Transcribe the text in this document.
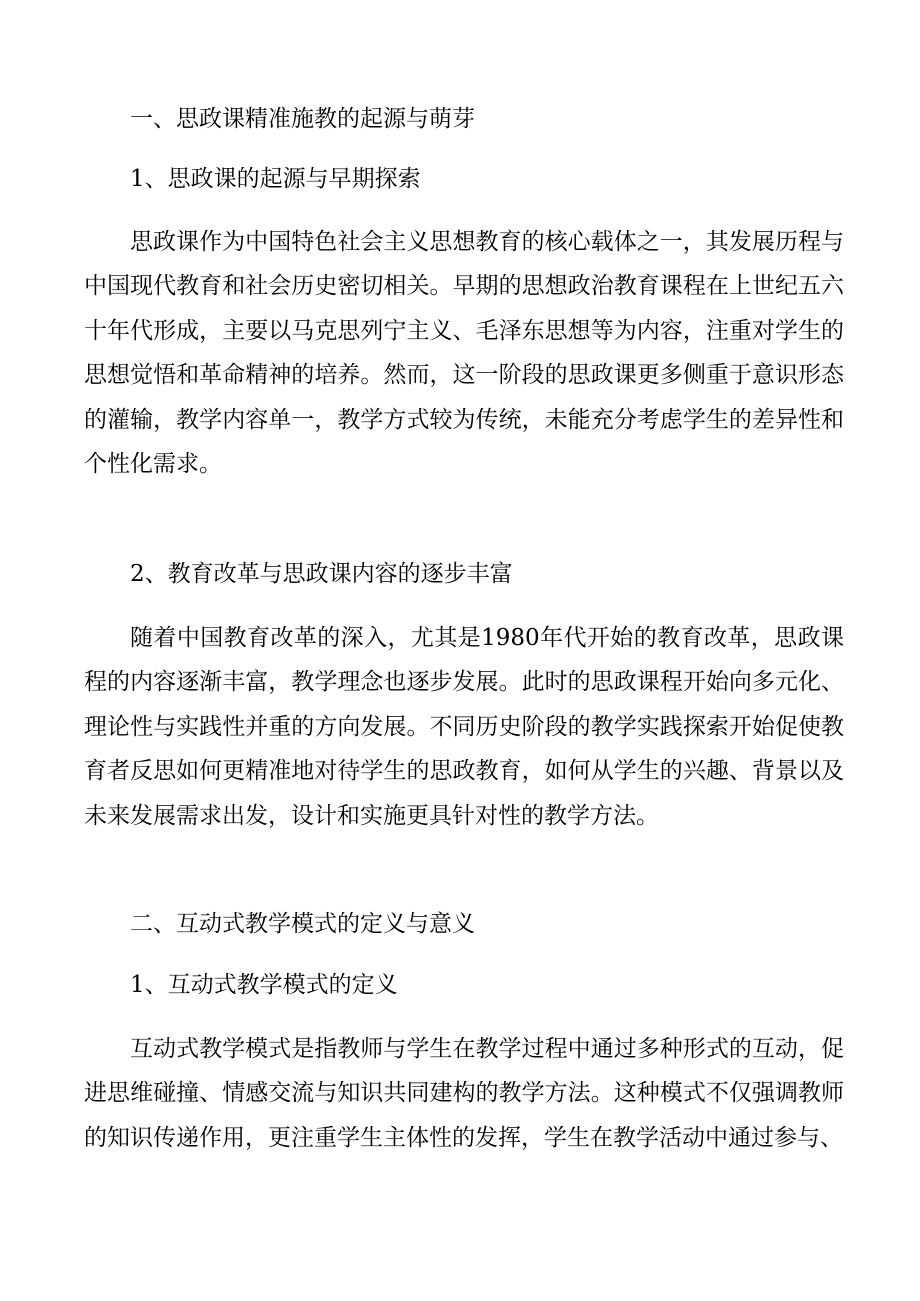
一、思政课精准施教的起源与萌芽
1、思政课的起源与早期探索

思政课作为中国特色社会主义思想教育的核心载体之一，其发展历程与中国现代教育和社会历史密切相关。早期的思想政治教育课程在上世纪五六十年代形成，主要以马克思列宁主义、毛泽东思想等为内容，注重对学生的思想觉悟和革命精神的培养。然而，这一阶段的思政课更多侧重于意识形态的灌输，教学内容单一，教学方式较为传统，未能充分考虑学生的差异性和个性化需求。

2、教育改革与思政课内容的逐步丰富

随着中国教育改革的深入，尤其是1980年代开始的教育改革，思政课程的内容逐渐丰富，教学理念也逐步发展。此时的思政课程开始向多元化、理论性与实践性并重的方向发展。不同历史阶段的教学实践探索开始促使教育者反思如何更精准地对待学生的思政教育，如何从学生的兴趣、背景以及未来发展需求出发，设计和实施更具针对性的教学方法。

二、互动式教学模式的定义与意义
1、互动式教学模式的定义

互动式教学模式是指教师与学生在教学过程中通过多种形式的互动，促进思维碰撞、情感交流与知识共同建构的教学方法。这种模式不仅强调教师的知识传递作用，更注重学生主体性的发挥，学生在教学活动中通过参与、
